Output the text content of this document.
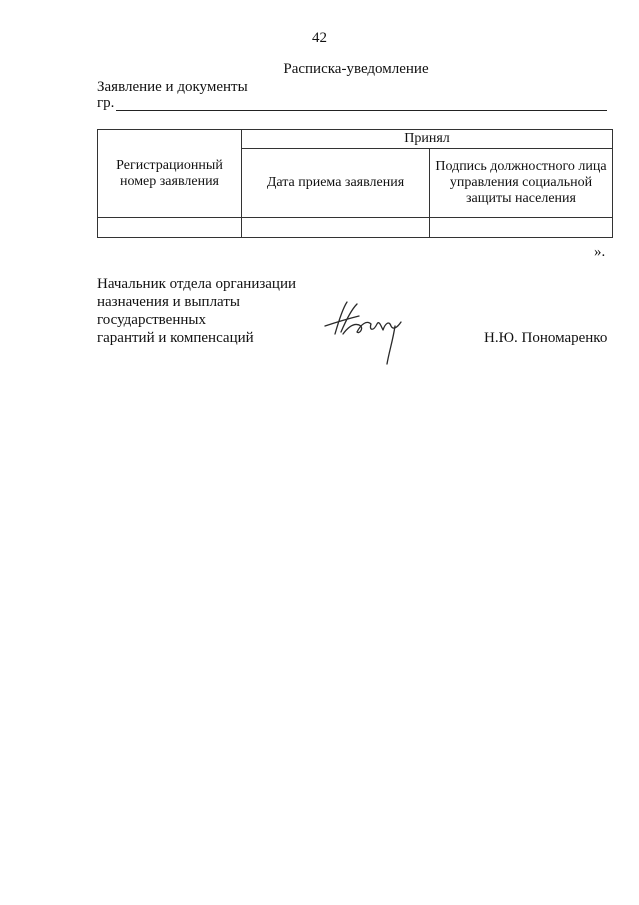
42
Расписка-уведомление
Заявление и документы
гр.
Регистрационный номер заявления	Принял	
	Дата приема заявления	Подпись должностного лица управления социальной защиты населения

».
Начальник отдела организации
назначения и выплаты
государственных
гарантий и компенсаций	Н.Ю. Пономаренко
